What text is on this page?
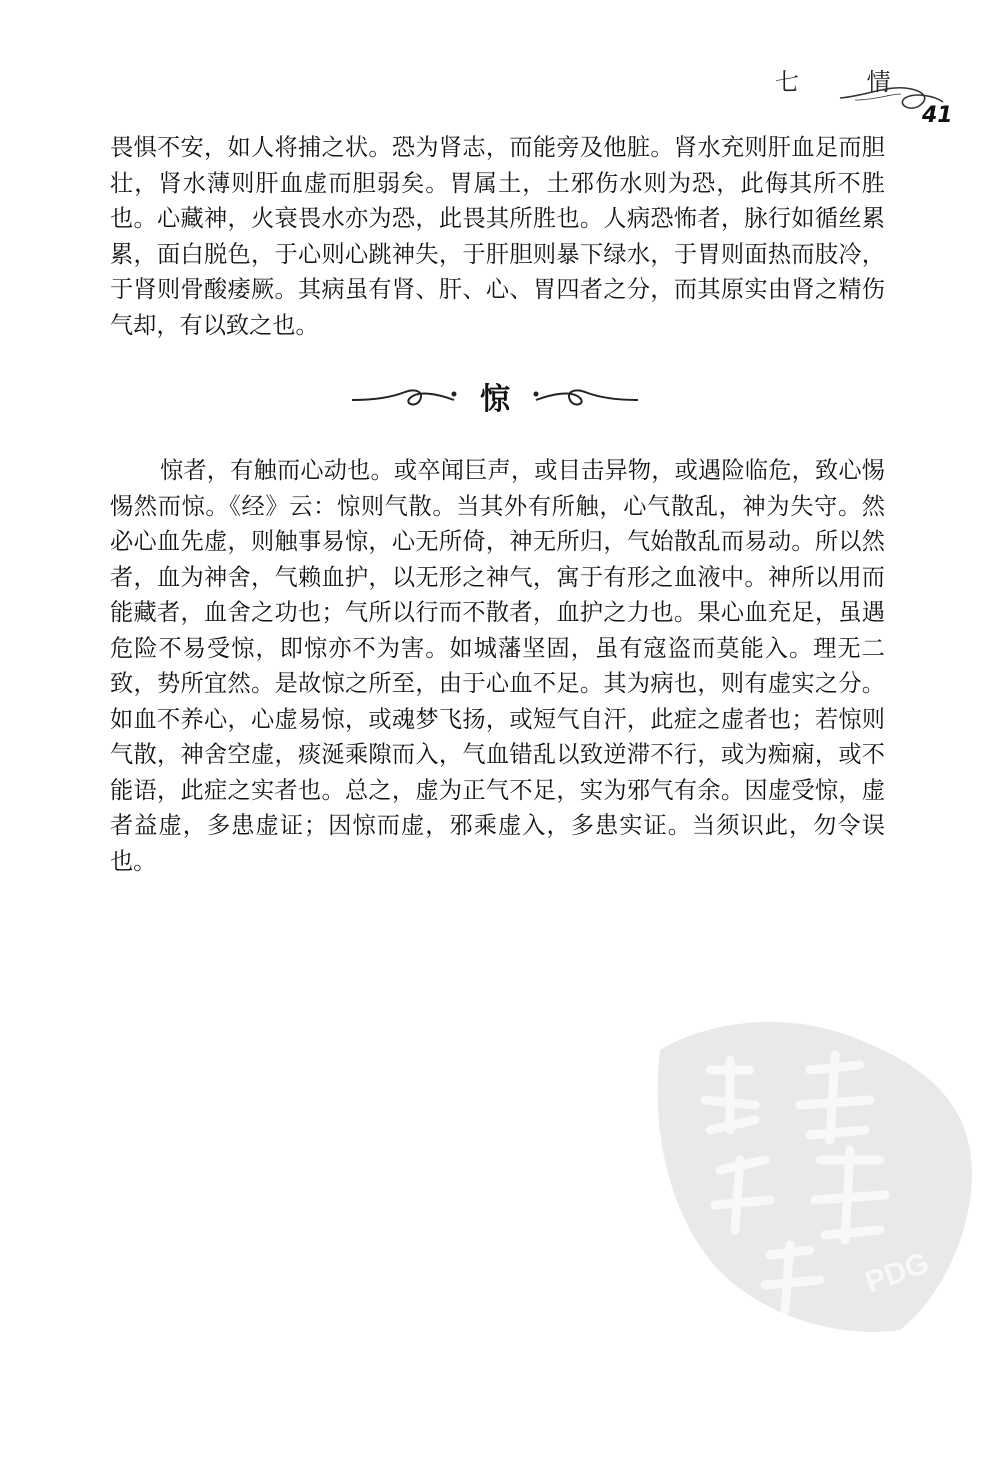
七 情
41

畏惧不安，如人将捕之状。恐为肾志，而能旁及他脏。肾水充则肝血足而胆壮，肾水薄则肝血虚而胆弱矣。胃属土，土邪伤水则为恐，此侮其所不胜也。心藏神，火衰畏水亦为恐，此畏其所胜也。人病恐怖者，脉行如循丝累累，面白脱色，于心则心跳神失，于肝胆则暴下绿水，于胃则面热而肢冷，于肾则骨酸痿厥。其病虽有肾、肝、心、胃四者之分，而其原实由肾之精伤气却，有以致之也。

惊

惊者，有触而心动也。或卒闻巨声，或目击异物，或遇险临危，致心惕惕然而惊。《经》云：惊则气散。当其外有所触，心气散乱，神为失守。然必心血先虚，则触事易惊，心无所倚，神无所归，气始散乱而易动。所以然者，血为神舍，气赖血护，以无形之神气，寓于有形之血液中。神所以用而能藏者，血舍之功也；气所以行而不散者，血护之力也。果心血充足，虽遇危险不易受惊，即惊亦不为害。如城藩坚固，虽有寇盗而莫能入。理无二致，势所宜然。是故惊之所至，由于心血不足。其为病也，则有虚实之分。如血不养心，心虚易惊，或魂梦飞扬，或短气自汗，此症之虚者也；若惊则气散，神舍空虚，痰涎乘隙而入，气血错乱以致逆滞不行，或为痴痫，或不能语，此症之实者也。总之，虚为正气不足，实为邪气有余。因虚受惊，虚者益虚，多患虚证；因惊而虚，邪乘虚入，多患实证。当须识此，勿令误也。

PDG
